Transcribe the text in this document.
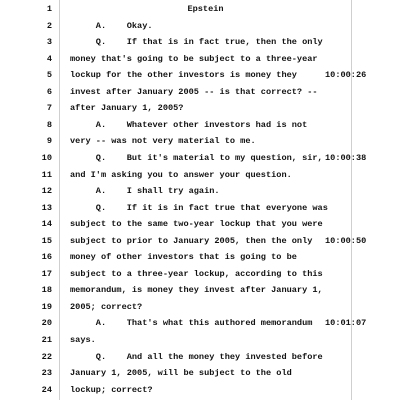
1	Epstein
2 A.    Okay.
3 Q.    If that is in fact true, then the only
4 money that's going to be subject to a three-year
5 lockup for the other investors is money they	10:00:26
6 invest after January 2005 -- is that correct? --
7 after January 1, 2005?
8 A.    Whatever other investors had is not
9 very -- was not very material to me.
10 Q.    But it's material to my question, sir, 10:00:38
11 and I'm asking you to answer your question.
12 A.    I shall try again.
13 Q.    If it is in fact true that everyone was
14 subject to the same two-year lockup that you were
15 subject to prior to January 2005, then the only 10:00:50
16 money of other investors that is going to be
17 subject to a three-year lockup, according to this
18 memorandum, is money they invest after January 1,
19 2005; correct?
20 A.    That's what this authored memorandum 10:01:07
21 says.
22 Q.    And all the money they invested before
23 January 1, 2005, will be subject to the old
24 lockup; correct?
